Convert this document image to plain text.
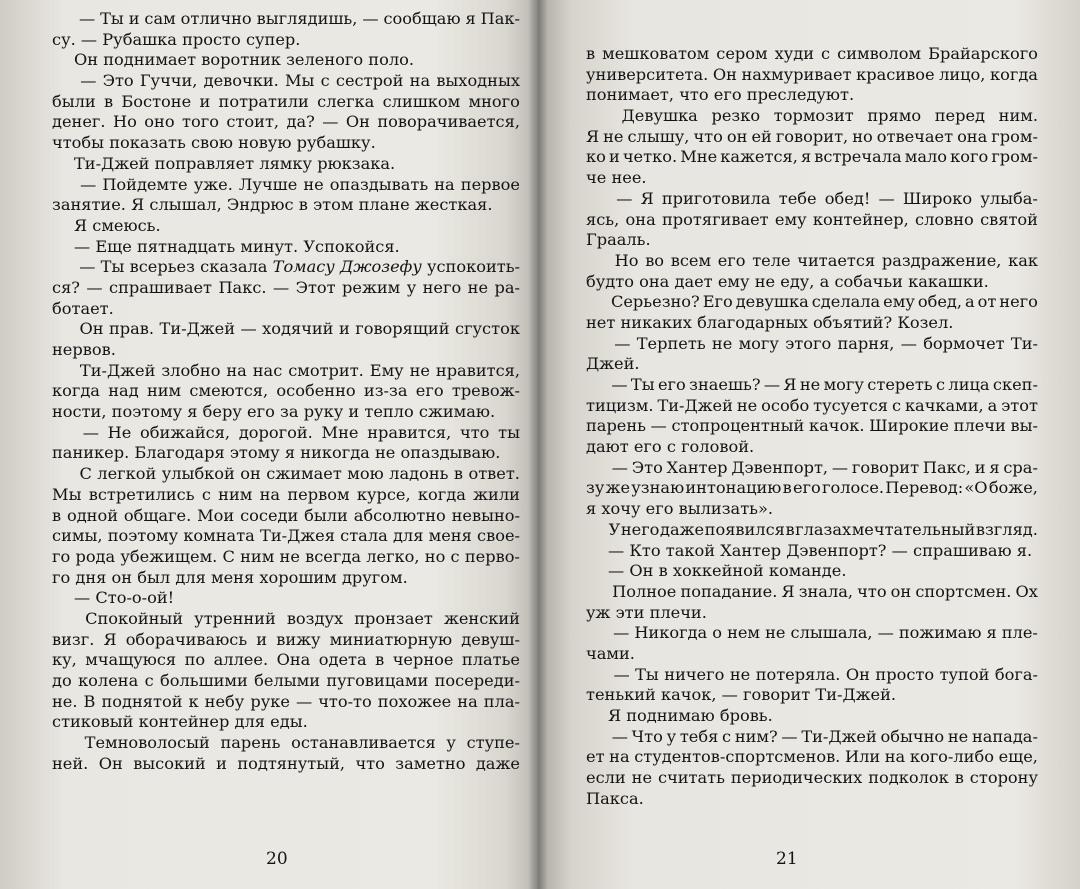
— Ты и сам отлично выглядишь, — сообщаю я Пак-
су. — Рубашка просто супер.
Он поднимает воротник зеленого поло.
— Это Гуччи, девочки. Мы с сестрой на выходных
были в Бостоне и потратили слегка слишком много
денег. Но оно того стоит, да? — Он поворачивается,
чтобы показать свою новую рубашку.
Ти-Джей поправляет лямку рюкзака.
— Пойдемте уже. Лучше не опаздывать на первое
занятие. Я слышал, Эндрюс в этом плане жесткая.
Я смеюсь.
— Еще пятнадцать минут. Успокойся.
— Ты всерьез сказала Томасу Джозефу успокоить-
ся? — спрашивает Пакс. — Этот режим у него не ра-
ботает.
Он прав. Ти-Джей — ходячий и говорящий сгусток
нервов.
Ти-Джей злобно на нас смотрит. Ему не нравится,
когда над ним смеются, особенно из-за его тревож-
ности, поэтому я беру его за руку и тепло сжимаю.
— Не обижайся, дорогой. Мне нравится, что ты
паникер. Благодаря этому я никогда не опаздываю.
С легкой улыбкой он сжимает мою ладонь в ответ.
Мы встретились с ним на первом курсе, когда жили
в одной общаге. Мои соседи были абсолютно невыно-
симы, поэтому комната Ти-Джея стала для меня свое-
го рода убежищем. С ним не всегда легко, но с перво-
го дня он был для меня хорошим другом.
— Сто-о-ой!
Спокойный утренний воздух пронзает женский
визг. Я оборачиваюсь и вижу миниатюрную девуш-
ку, мчащуюся по аллее. Она одета в черное платье
до колена с большими белыми пуговицами посереди-
не. В поднятой к небу руке — что-то похожее на пла-
стиковый контейнер для еды.
Темноволосый парень останавливается у ступе-
ней. Он высокий и подтянутый, что заметно даже
20
в мешковатом сером худи с символом Брайарского
университета. Он нахмуривает красивое лицо, когда
понимает, что его преследуют.
Девушка резко тормозит прямо перед ним.
Я не слышу, что он ей говорит, но отвечает она гром-
ко и четко. Мне кажется, я встречала мало кого гром-
че нее.
— Я приготовила тебе обед! — Широко улыба-
ясь, она протягивает ему контейнер, словно святой
Грааль.
Но во всем его теле читается раздражение, как
будто она дает ему не еду, а собачьи какашки.
Серьезно? Его девушка сделала ему обед, а от него
нет никаких благодарных объятий? Козел.
— Терпеть не могу этого парня, — бормочет Ти-
Джей.
— Ты его знаешь? — Я не могу стереть с лица скеп-
тицизм. Ти-Джей не особо тусуется с качками, а этот
парень — стопроцентный качок. Широкие плечи вы-
дают его с головой.
— Это Хантер Дэвенпорт, — говорит Пакс, и я сра-
зу же узнаю интонацию в его голосе. Перевод: «О боже,
я хочу его вылизать».
У него даже появился в глазах мечтательный взгляд.
— Кто такой Хантер Дэвенпорт? — спрашиваю я.
— Он в хоккейной команде.
Полное попадание. Я знала, что он спортсмен. Ох
уж эти плечи.
— Никогда о нем не слышала, — пожимаю я пле-
чами.
— Ты ничего не потеряла. Он просто тупой бога-
тенький качок, — говорит Ти-Джей.
Я поднимаю бровь.
— Что у тебя с ним? — Ти-Джей обычно не напада-
ет на студентов-спортсменов. Или на кого-либо еще,
если не считать периодических подколок в сторону
Пакса.
21
